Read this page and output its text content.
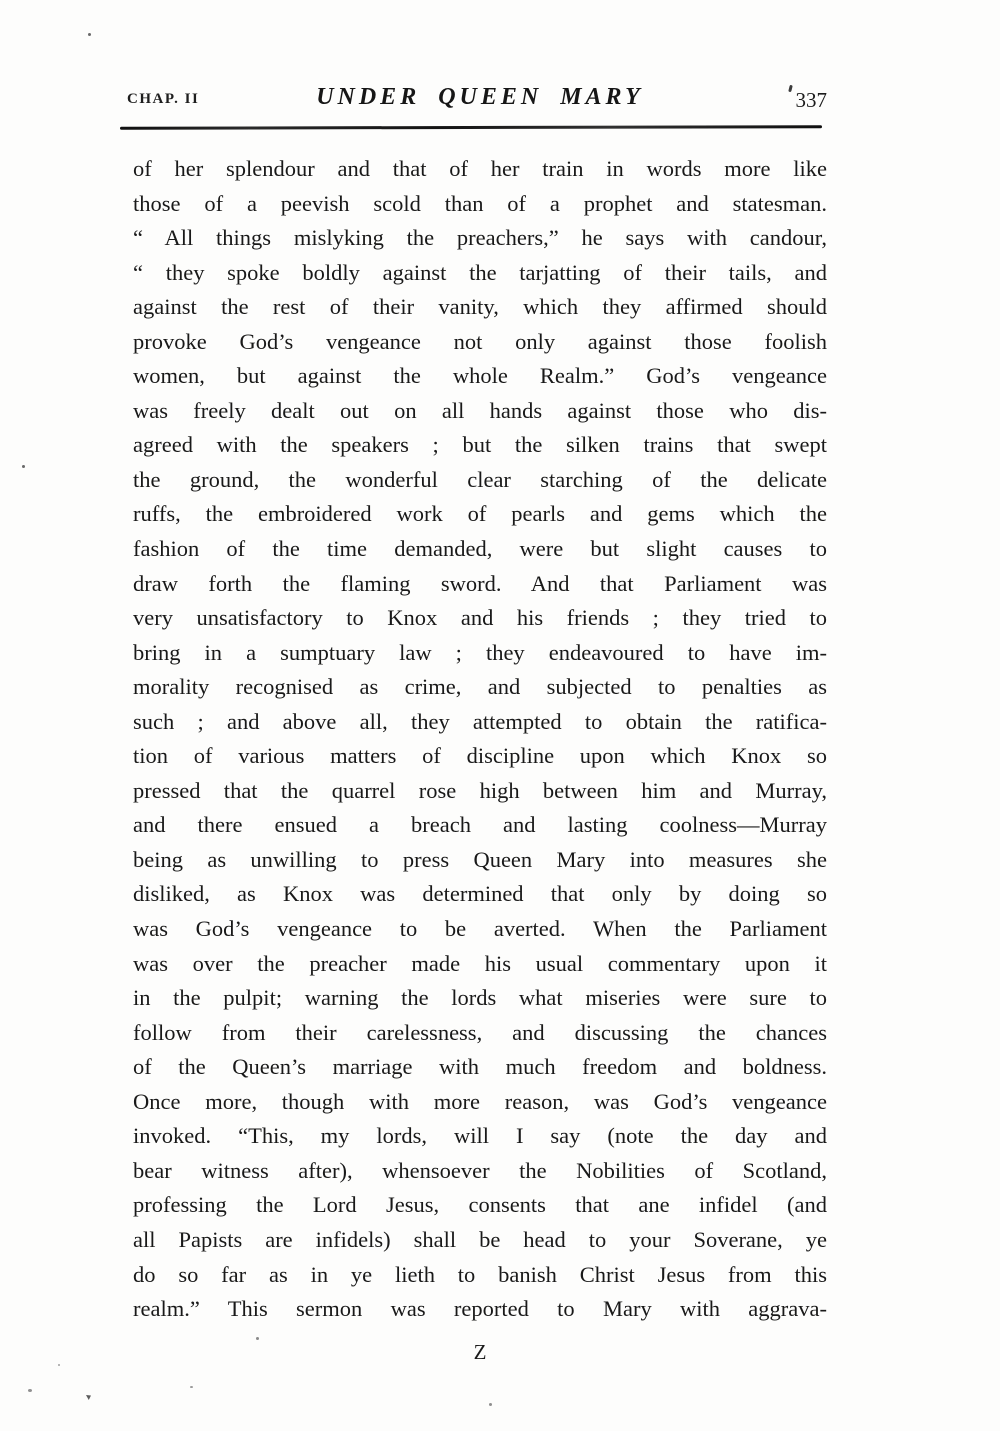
CHAP. II	UNDER QUEEN MARY	337
of her splendour and that of her train in words more like
those of a peevish scold than of a prophet and statesman.
“ All things mislyking the preachers,” he says with candour,
“ they spoke boldly against the tarjatting of their tails, and
against the rest of their vanity, which they affirmed should
provoke God’s vengeance not only against those foolish
women, but against the whole Realm.” God’s vengeance
was freely dealt out on all hands against those who dis-
agreed with the speakers ; but the silken trains that swept
the ground, the wonderful clear starching of the delicate
ruffs, the embroidered work of pearls and gems which the
fashion of the time demanded, were but slight causes to
draw forth the flaming sword. And that Parliament was
very unsatisfactory to Knox and his friends ; they tried to
bring in a sumptuary law ; they endeavoured to have im-
morality recognised as crime, and subjected to penalties as
such ; and above all, they attempted to obtain the ratifica-
tion of various matters of discipline upon which Knox so
pressed that the quarrel rose high between him and Murray,
and there ensued a breach and lasting coolness—Murray
being as unwilling to press Queen Mary into measures she
disliked, as Knox was determined that only by doing so
was God’s vengeance to be averted. When the Parliament
was over the preacher made his usual commentary upon it
in the pulpit; warning the lords what miseries were sure to
follow from their carelessness, and discussing the chances
of the Queen’s marriage with much freedom and boldness.
Once more, though with more reason, was God’s vengeance
invoked. “This, my lords, will I say (note the day and
bear witness after), whensoever the Nobilities of Scotland,
professing the Lord Jesus, consents that ane infidel (and
all Papists are infidels) shall be head to your Soverane, ye
do so far as in ye lieth to banish Christ Jesus from this
realm.” This sermon was reported to Mary with aggrava-
Z
